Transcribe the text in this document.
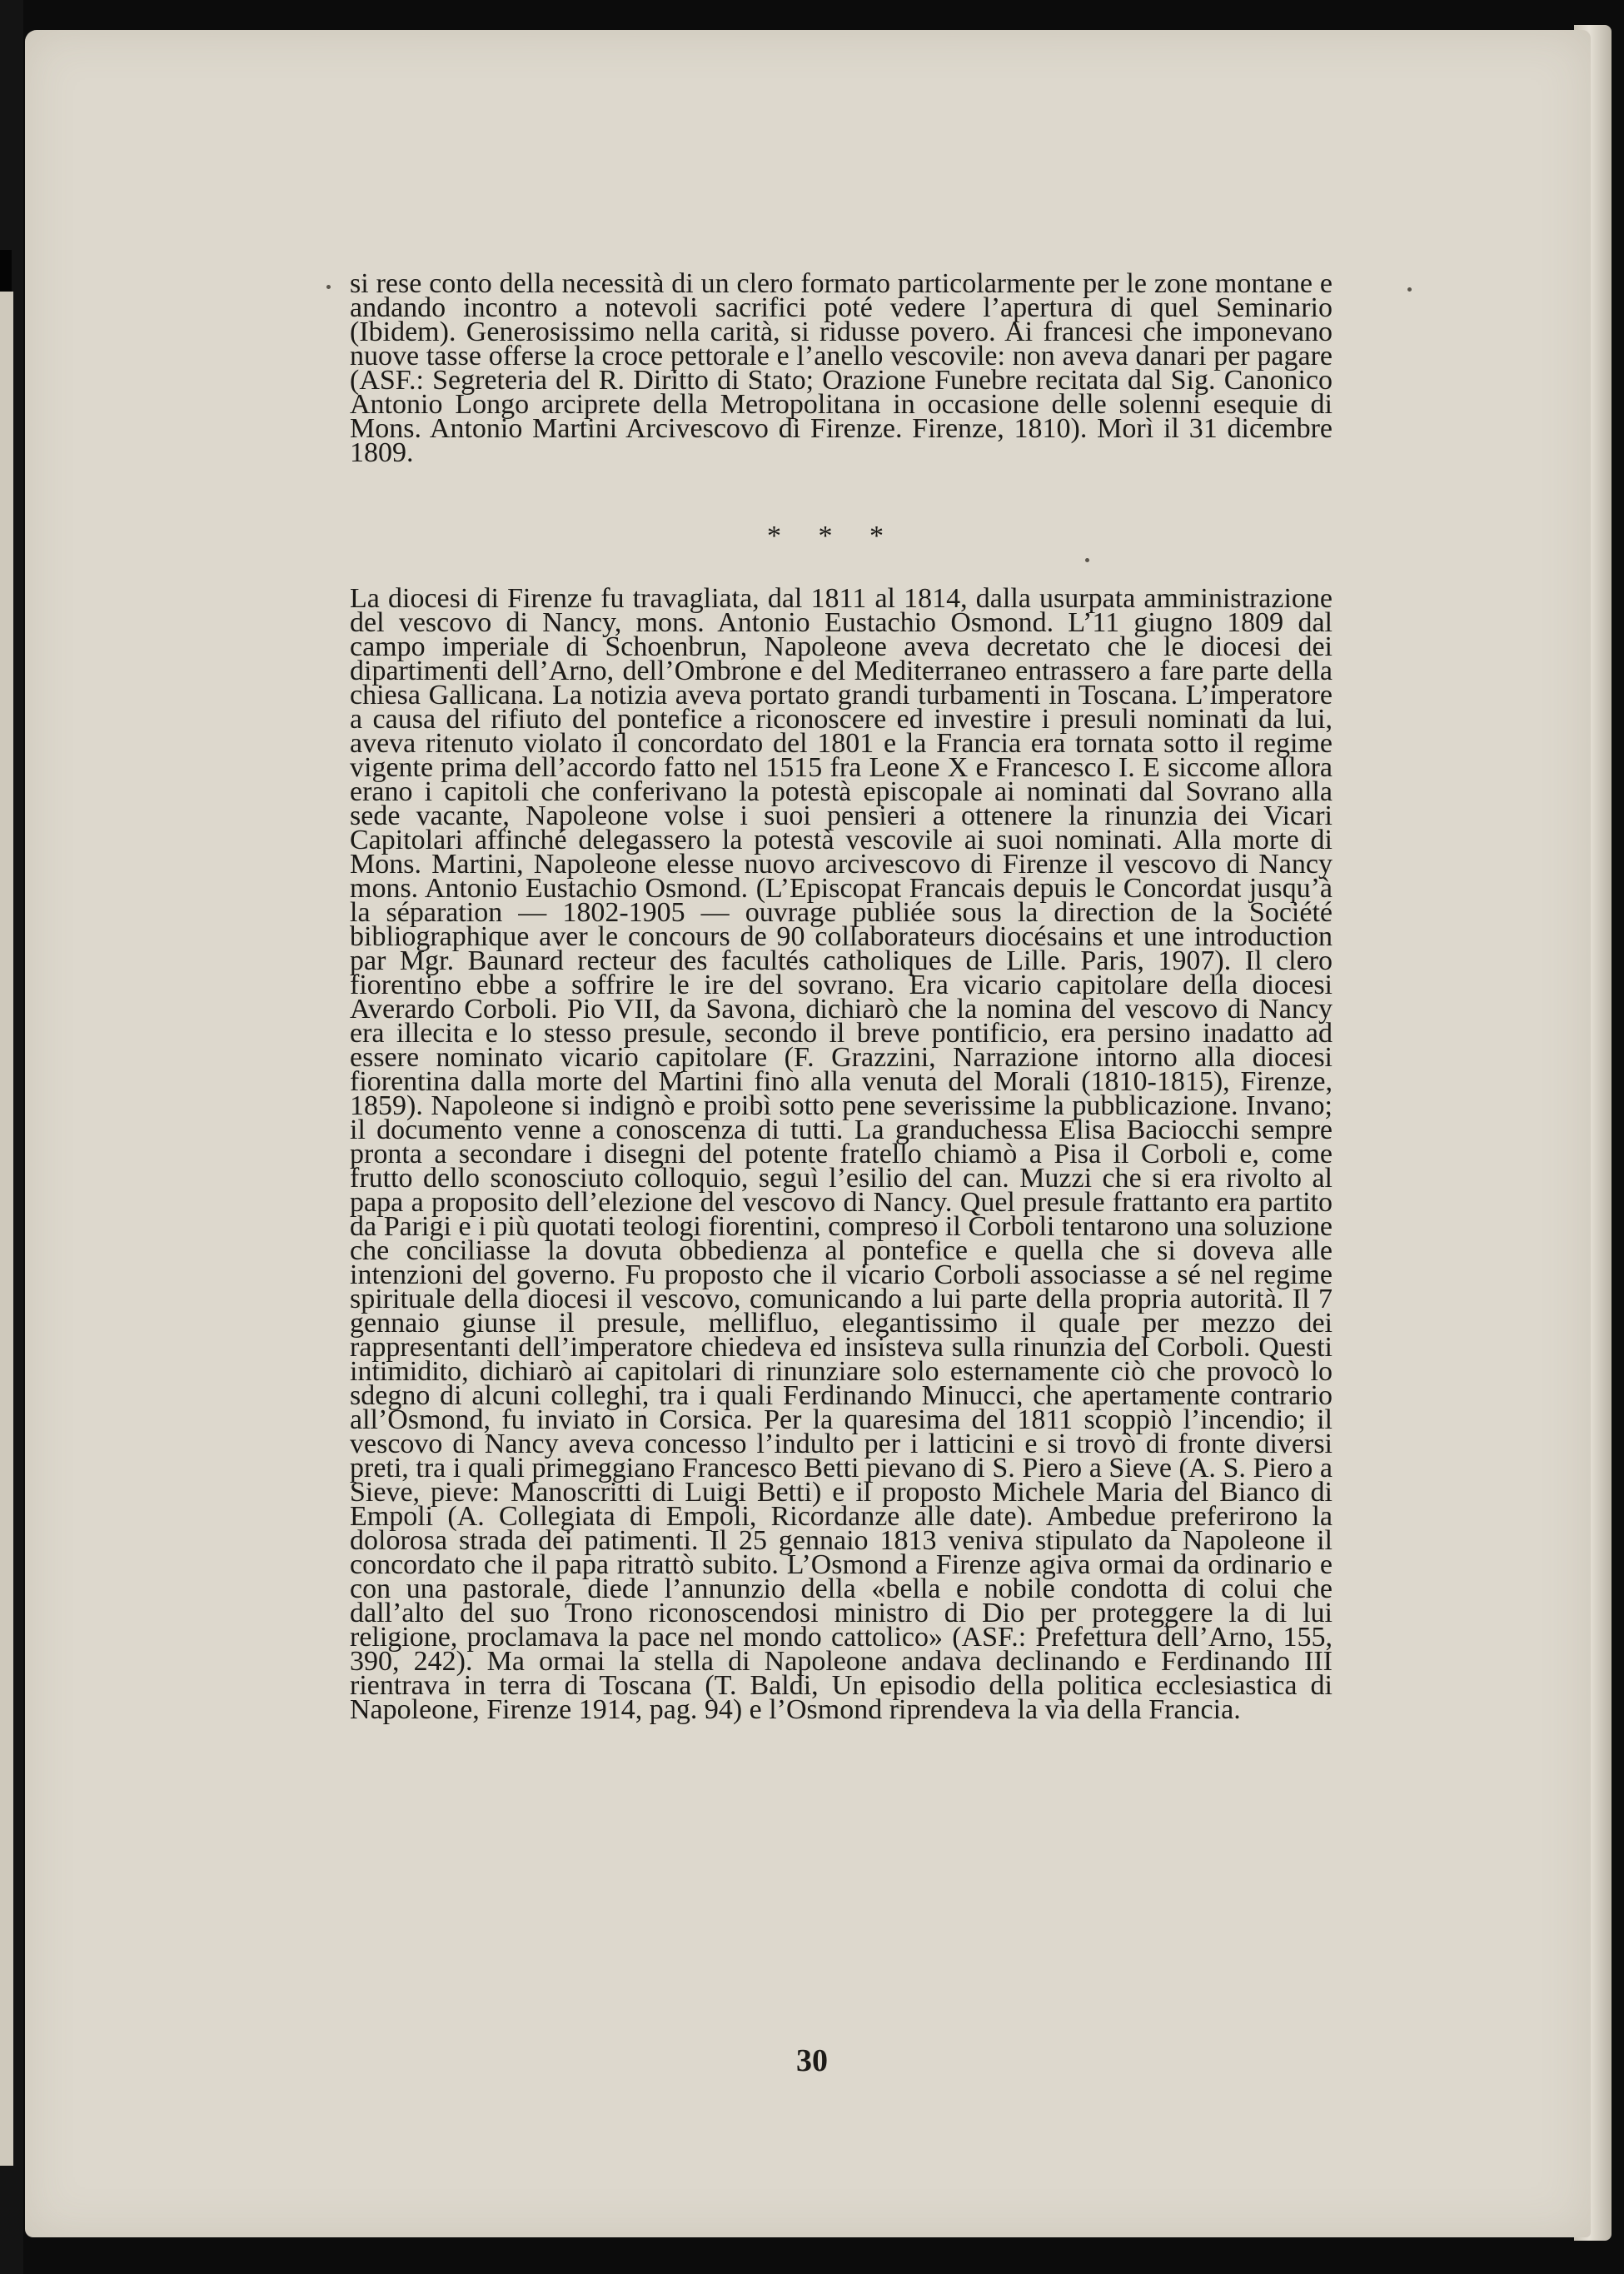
si rese conto della necessità di un clero formato particolarmente per le zone montane e andando incontro a notevoli sacrifici poté vedere l’apertura di quel Seminario (Ibidem). Generosissimo nella carità, si ridusse povero. Ai francesi che imponevano nuove tasse offerse la croce pettorale e l’anello vescovile: non aveva danari per pagare (ASF.: Segreteria del R. Diritto di Stato; Orazione Funebre recitata dal Sig. Canonico Antonio Longo arciprete della Metropolitana in occasione delle solenni esequie di Mons. Antonio Martini Arcivescovo di Firenze. Firenze, 1810). Morì il 31 dicembre 1809.

* * *

La diocesi di Firenze fu travagliata, dal 1811 al 1814, dalla usurpata amministrazione del vescovo di Nancy, mons. Antonio Eustachio Osmond. L’11 giugno 1809 dal campo imperiale di Schoenbrun, Napoleone aveva decretato che le diocesi dei dipartimenti dell’Arno, dell’Ombrone e del Mediterraneo entrassero a fare parte della chiesa Gallicana. La notizia aveva portato grandi turbamenti in Toscana. L’imperatore a causa del rifiuto del pontefice a riconoscere ed investire i presuli nominati da lui, aveva ritenuto violato il concordato del 1801 e la Francia era tornata sotto il regime vigente prima dell’accordo fatto nel 1515 fra Leone X e Francesco I. E siccome allora erano i capitoli che conferivano la potestà episcopale ai nominati dal Sovrano alla sede vacante, Napoleone volse i suoi pensieri a ottenere la rinunzia dei Vicari Capitolari affinché delegassero la potestà vescovile ai suoi nominati. Alla morte di Mons. Martini, Napoleone elesse nuovo arcivescovo di Firenze il vescovo di Nancy mons. Antonio Eustachio Osmond. (L’Episcopat Francais depuis le Concordat jusqu’à la séparation — 1802-1905 — ouvrage publiée sous la direction de la Société bibliographique aver le concours de 90 collaborateurs diocésains et une introduction par Mgr. Baunard recteur des facultés catholiques de Lille. Paris, 1907). Il clero fiorentino ebbe a soffrire le ire del sovrano. Era vicario capitolare della diocesi Averardo Corboli. Pio VII, da Savona, dichiarò che la nomina del vescovo di Nancy era illecita e lo stesso presule, secondo il breve pontificio, era persino inadatto ad essere nominato vicario capitolare (F. Grazzini, Narrazione intorno alla diocesi fiorentina dalla morte del Martini fino alla venuta del Morali (1810-1815), Firenze, 1859). Napoleone si indignò e proibì sotto pene severissime la pubblicazione. Invano; il documento venne a conoscenza di tutti. La granduchessa Elisa Baciocchi sempre pronta a secondare i disegni del potente fratello chiamò a Pisa il Corboli e, come frutto dello sconosciuto colloquio, seguì l’esilio del can. Muzzi che si era rivolto al papa a proposito dell’elezione del vescovo di Nancy. Quel presule frattanto era partito da Parigi e i più quotati teologi fiorentini, compreso il Corboli tentarono una soluzione che conciliasse la dovuta obbedienza al pontefice e quella che si doveva alle intenzioni del governo. Fu proposto che il vicario Corboli associasse a sé nel regime spirituale della diocesi il vescovo, comunicando a lui parte della propria autorità. Il 7 gennaio giunse il presule, mellifluo, elegantissimo il quale per mezzo dei rappresentanti dell’imperatore chiedeva ed insisteva sulla rinunzia del Corboli. Questi intimidito, dichiarò ai capitolari di rinunziare solo esternamente ciò che provocò lo sdegno di alcuni colleghi, tra i quali Ferdinando Minucci, che apertamente contrario all’Osmond, fu inviato in Corsica. Per la quaresima del 1811 scoppiò l’incendio; il vescovo di Nancy aveva concesso l’indulto per i latticini e si trovò di fronte diversi preti, tra i quali primeggiano Francesco Betti pievano di S. Piero a Sieve (A. S. Piero a Sieve, pieve: Manoscritti di Luigi Betti) e il proposto Michele Maria del Bianco di Empoli (A. Collegiata di Empoli, Ricordanze alle date). Ambedue preferirono la dolorosa strada dei patimenti. Il 25 gennaio 1813 veniva stipulato da Napoleone il concordato che il papa ritrattò subito. L’Osmond a Firenze agiva ormai da ordinario e con una pastorale, diede l’annunzio della «bella e nobile condotta di colui che dall’alto del suo Trono riconoscendosi ministro di Dio per proteggere la di lui religione, proclamava la pace nel mondo cattolico» (ASF.: Prefettura dell’Arno, 155, 390, 242). Ma ormai la stella di Napoleone andava declinando e Ferdinando III rientrava in terra di Toscana (T. Baldi, Un episodio della politica ecclesiastica di Napoleone, Firenze 1914, pag. 94) e l’Osmond riprendeva la via della Francia.

30
